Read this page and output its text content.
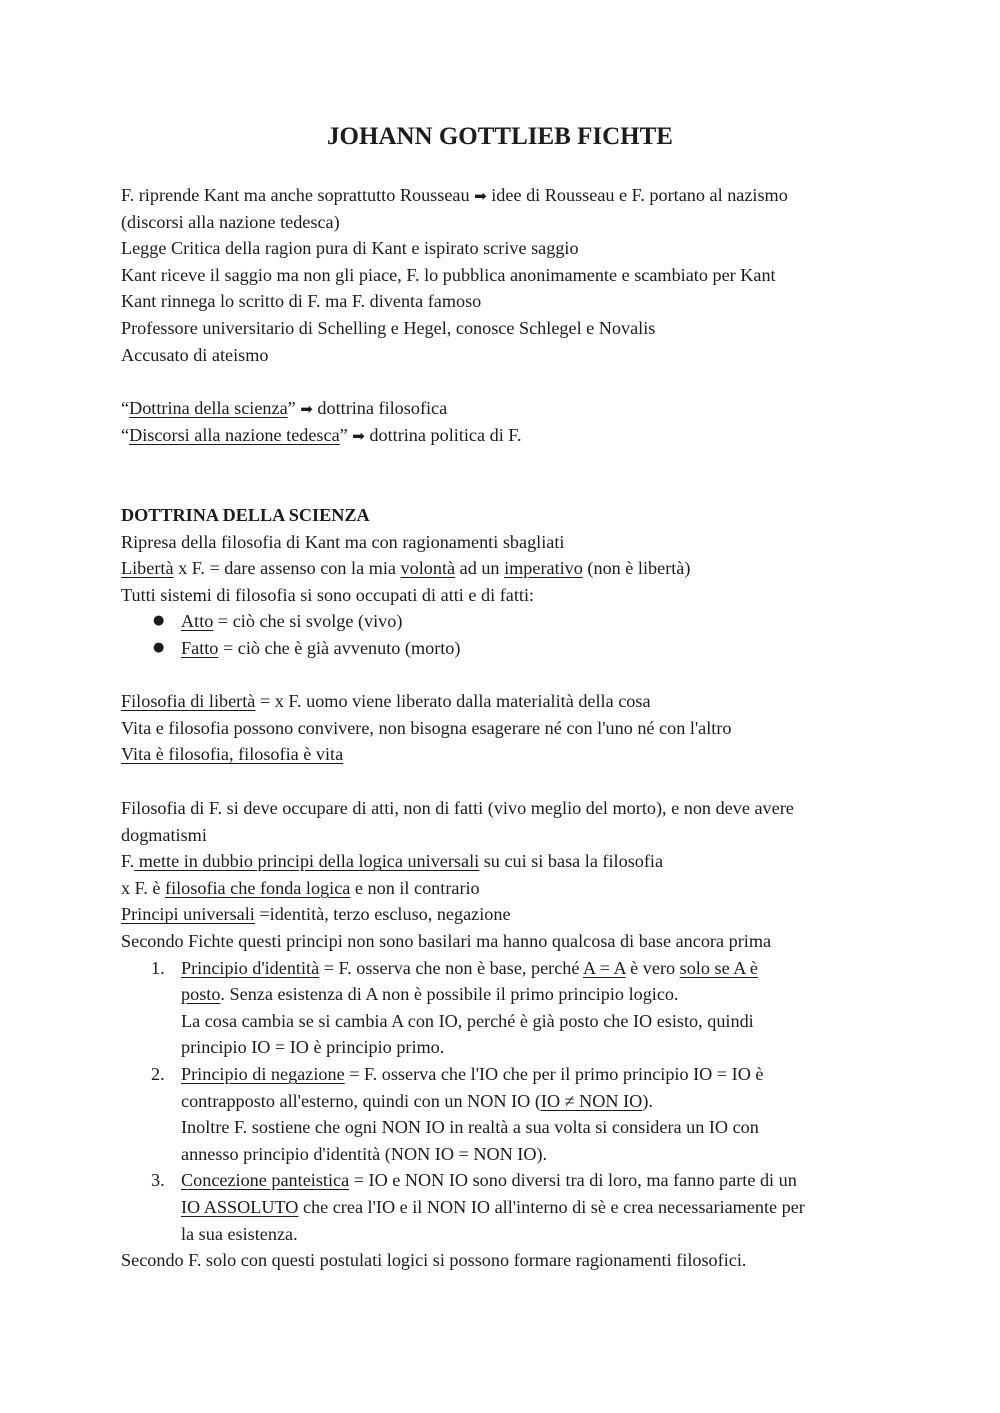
JOHANN GOTTLIEB FICHTE
F. riprende Kant ma anche soprattutto Rousseau ➡ idee di Rousseau e F. portano al nazismo
(discorsi alla nazione tedesca)
Legge Critica della ragion pura di Kant e ispirato scrive saggio
Kant riceve il saggio ma non gli piace, F. lo pubblica anonimamente e scambiato per Kant
Kant rinnega lo scritto di F. ma F. diventa famoso
Professore universitario di Schelling e Hegel, conosce Schlegel e Novalis
Accusato di ateismo
“Dottrina della scienza” ➡ dottrina filosofica
“Discorsi alla nazione tedesca” ➡ dottrina politica di F.
DOTTRINA DELLA SCIENZA
Ripresa della filosofia di Kant ma con ragionamenti sbagliati
Libertà x F. = dare assenso con la mia volontà ad un imperativo (non è libertà)
Tutti sistemi di filosofia si sono occupati di atti e di fatti:
● Atto = ciò che si svolge (vivo)
● Fatto = ciò che è già avvenuto (morto)
Filosofia di libertà = x F. uomo viene liberato dalla materialità della cosa
Vita e filosofia possono convivere, non bisogna esagerare né con l'uno né con l'altro
Vita è filosofia, filosofia è vita
Filosofia di F. si deve occupare di atti, non di fatti (vivo meglio del morto), e non deve avere
dogmatismi
F. mette in dubbio principi della logica universali su cui si basa la filosofia
x F. è filosofia che fonda logica e non il contrario
Principi universali =identità, terzo escluso, negazione
Secondo Fichte questi principi non sono basilari ma hanno qualcosa di base ancora prima
1. Principio d'identità = F. osserva che non è base, perché A = A è vero solo se A è
posto. Senza esistenza di A non è possibile il primo principio logico.
La cosa cambia se si cambia A con IO, perché è già posto che IO esisto, quindi
principio IO = IO è principio primo.
2. Principio di negazione = F. osserva che l'IO che per il primo principio IO = IO è
contrapposto all'esterno, quindi con un NON IO (IO ≠ NON IO).
Inoltre F. sostiene che ogni NON IO in realtà a sua volta si considera un IO con
annesso principio d'identità (NON IO = NON IO).
3. Concezione panteistica = IO e NON IO sono diversi tra di loro, ma fanno parte di un
IO ASSOLUTO che crea l'IO e il NON IO all'interno di sè e crea necessariamente per
la sua esistenza.
Secondo F. solo con questi postulati logici si possono formare ragionamenti filosofici.
